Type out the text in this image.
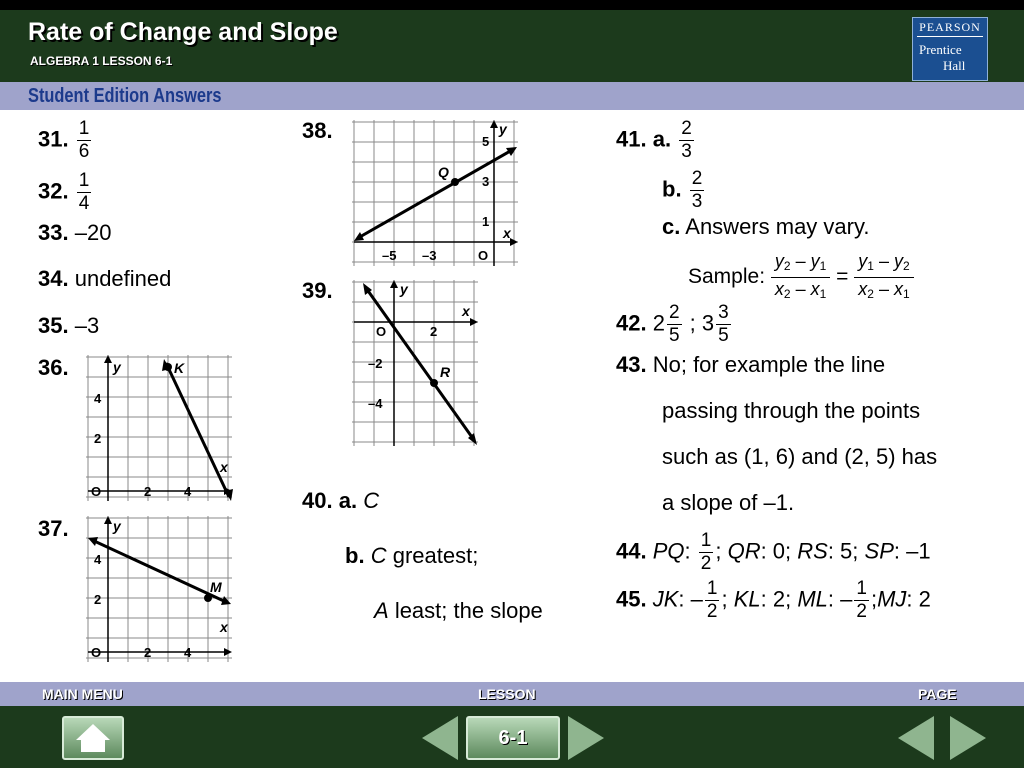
Rate of Change and Slope
ALGEBRA 1 LESSON 6-1
PEARSON
Prentice
Hall
Student Edition Answers
31. $\frac{1}{6}$
32. $\frac{1}{4}$
33. –20
34. undefined
35. –3
36.	K
y
x
4
2
O	2	4
37.
M
y
x
4
2
O	2	4
38.
Q
y
x
5
3
1
–5 –3	O
39.
R
y
x
O	2
–2
–4
40. a. C
b. C greatest;
A least; the slope
41. a. $\frac{2}{3}$
b. $\frac{2}{3}$
c. Answers may vary.
Sample: $\frac{y_2 - y_1}{x_2 - x_1} = \frac{y_1 - y_2}{x_2 - x_1}$
42. $2 \frac{2}{5}$ ; $3 \frac{3}{5}$
43. No; for example the line
passing through the points
such as (1, 6) and (2, 5) has
a slope of –1.
44. PQ: $\frac{1}{2}$ ; QR: 0; RS: 5; SP: –1
45. JK: – $\frac{1}{2}$ ; KL: 2; ML: – $\frac{1}{2}$ ;MJ: 2
MAIN MENU	LESSON	PAGE
6-1
